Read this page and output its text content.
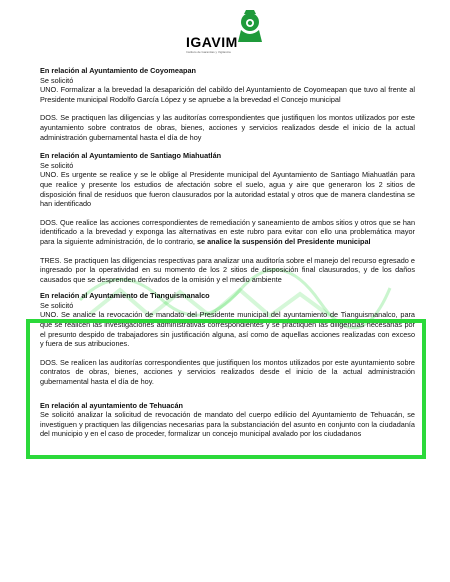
IGAVIM
Instituto de Garantías y Vigilancia

En relación al Ayuntamiento de Coyomeapan

Se solicitó

UNO. Formalizar a la brevedad la desaparición del cabildo del Ayuntamiento de Coyomeapan que tuvo al frente al Presidente municipal Rodolfo García López y se apruebe a la brevedad el Concejo municipal

DOS. Se practiquen las diligencias y las auditorías correspondientes que justifiquen los montos utilizados por este ayuntamiento sobre contratos de obras, bienes, acciones y servicios realizados desde el inicio de la actual administración gubernamental hasta el día de hoy

En relación al Ayuntamiento de Santiago Miahuatlán

Se solicitó

UNO. Es urgente se realice y se le oblige al Presidente municipal del Ayuntamiento de Santiago Miahuatlán para que realice y presente los estudios de afectación sobre el suelo, agua y aire que generaron los 2 sitios de disposición final de residuos que fueron clausurados por la autoridad estatal y otros que de manera clandestina se han identificado

DOS. Que realice las acciones correspondientes de remediación y saneamiento de ambos sitios y otros que se han identificado a la brevedad y exponga las alternativas en este rubro para evitar con ello una problemática mayor para la siguiente administración, de lo contrario, se analice la suspensión del Presidente municipal

TRES. Se practiquen las diligencias respectivas para analizar una auditoría sobre el manejo del recurso egresado e ingresado por la operatividad en su momento de los 2 sitios de disposición final clausurados, y de los daños causados que se desprenden derivados de la omisión y el medio ambiente

En relación al Ayuntamiento de Tianguismanalco

Se solicitó

UNO. Se analice la revocación de mandato del Presidente municipal del ayuntamiento de Tianguismanalco, para que se realicen las investigaciones administrativas correspondientes y se practiquen las diligencias necesarias por el presunto despido de trabajadores sin justificación alguna, así como de aquellas acciones realizadas con exceso y fuera de sus atribuciones.

DOS. Se realicen las auditorías correspondientes que justifiquen los montos utilizados por este ayuntamiento sobre contratos de obras, bienes, acciones y servicios realizados desde el inicio de la actual administración gubernamental hasta el día de hoy.

En relación al ayuntamiento de Tehuacán

Se solicitó analizar la solicitud de revocación de mandato del cuerpo edilicio del Ayuntamiento de Tehuacán, se investiguen y practiquen las diligencias necesarias para la substanciación del asunto en conjunto con la ciudadanía del municipio y en el caso de proceder, formalizar un concejo municipal avalado por los ciudadanos
